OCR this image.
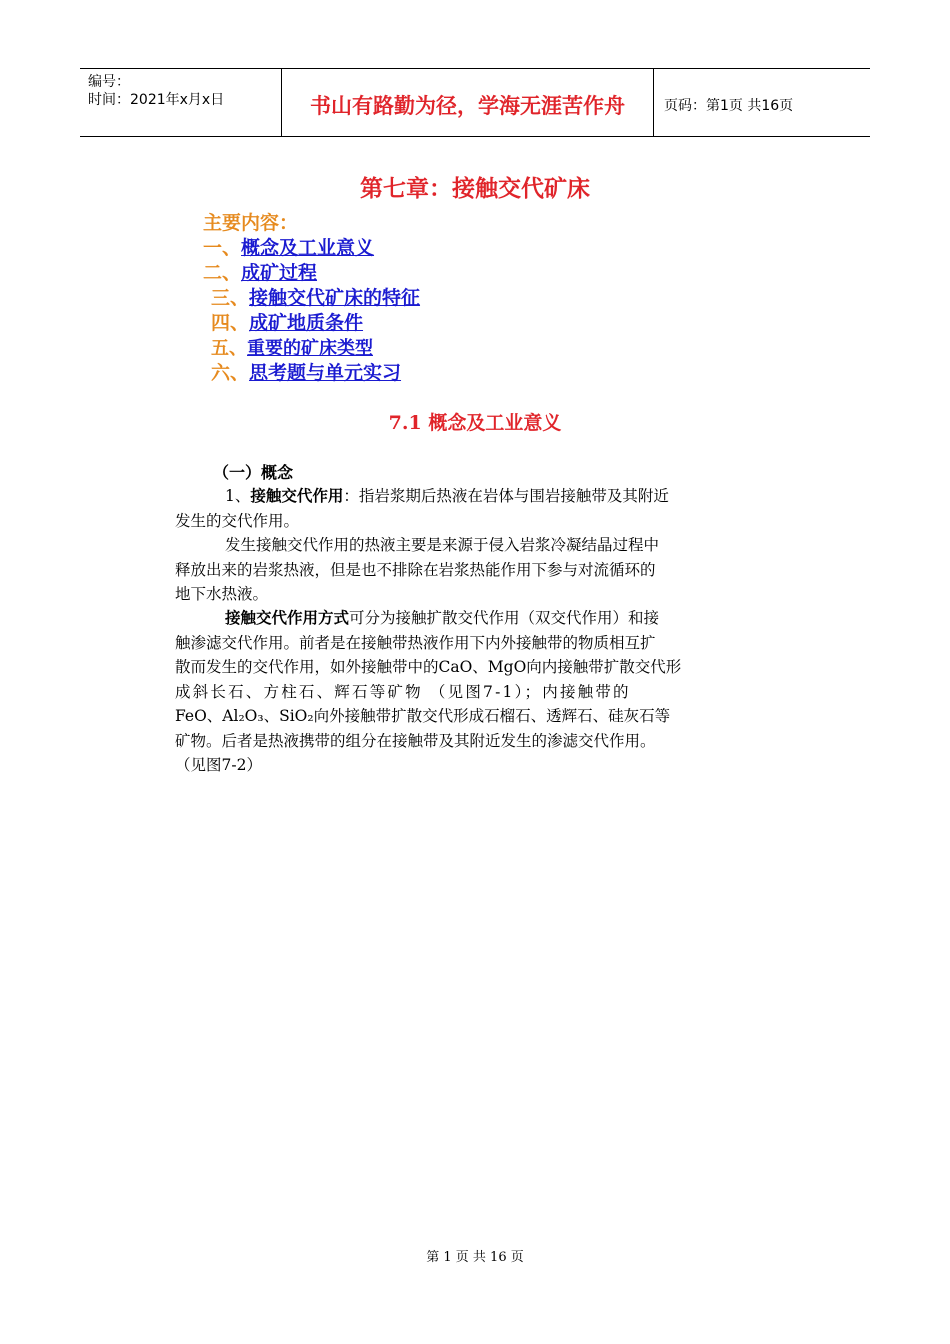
编号：
时间：2021年x月x日	书山有路勤为径，学海无涯苦作舟	页码：第1页 共16页
第七章：接触交代矿床
主要内容：
一、概念及工业意义
二、成矿过程
三、接触交代矿床的特征
四、成矿地质条件
五、重要的矿床类型
六、思考题与单元实习
7.1 概念及工业意义
（一）概念
1、接触交代作用：指岩浆期后热液在岩体与围岩接触带及其附近
发生的交代作用。
发生接触交代作用的热液主要是来源于侵入岩浆冷凝结晶过程中
释放出来的岩浆热液，但是也不排除在岩浆热能作用下参与对流循环的
地下水热液。
接触交代作用方式可分为接触扩散交代作用（双交代作用）和接
触渗滤交代作用。前者是在接触带热液作用下内外接触带的物质相互扩
散而发生的交代作用，如外接触带中的CaO、MgO向内接触带扩散交代形
成斜长石、方柱石、辉石等矿物 （见图7-1）；内接触带的
FeO、Al₂O₃、SiO₂向外接触带扩散交代形成石榴石、透辉石、硅灰石等
矿物。后者是热液携带的组分在接触带及其附近发生的渗滤交代作用。
（见图7-2）
第 1 页 共 16 页
